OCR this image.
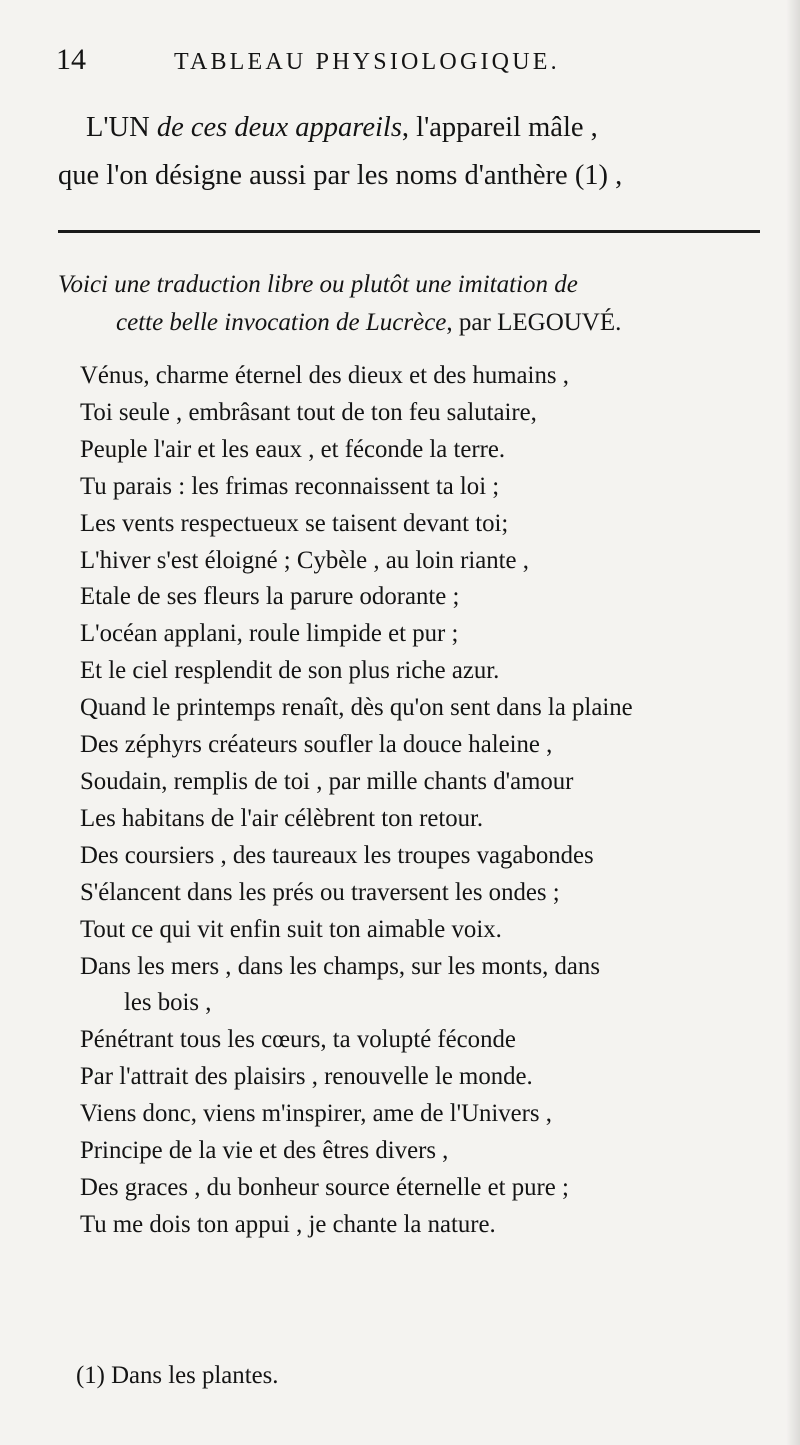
14	TABLEAU PHYSIOLOGIQUE.
L'UN de ces deux appareils, l'appareil mâle ,
que l'on désigne aussi par les noms d'anthère (1) ,
Voici une traduction libre ou plutôt une imitation de
cette belle invocation de Lucrèce, par LEGOUVÉ.
Vénus, charme éternel des dieux et des humains ,
Toi seule , embrâsant tout de ton feu salutaire,
Peuple l'air et les eaux , et féconde la terre.
Tu parais : les frimas reconnaissent ta loi ;
Les vents respectueux se taisent devant toi;
L'hiver s'est éloigné ; Cybèle , au loin riante ,
Etale de ses fleurs la parure odorante ;
L'océan applani, roule limpide et pur ;
Et le ciel resplendit de son plus riche azur.
Quand le printemps renaît, dès qu'on sent dans la plaine
Des zéphyrs créateurs soufler la douce haleine ,
Soudain, remplis de toi , par mille chants d'amour
Les habitans de l'air célèbrent ton retour.
Des coursiers , des taureaux les troupes vagabondes
S'élancent dans les prés ou traversent les ondes ;
Tout ce qui vit enfin suit ton aimable voix.
Dans les mers , dans les champs, sur les monts, dans
les bois ,
Pénétrant tous les cœurs, ta volupté féconde
Par l'attrait des plaisirs , renouvelle le monde.
Viens donc, viens m'inspirer, ame de l'Univers ,
Principe de la vie et des êtres divers ,
Des graces , du bonheur source éternelle et pure ;
Tu me dois ton appui , je chante la nature.
(1) Dans les plantes.
